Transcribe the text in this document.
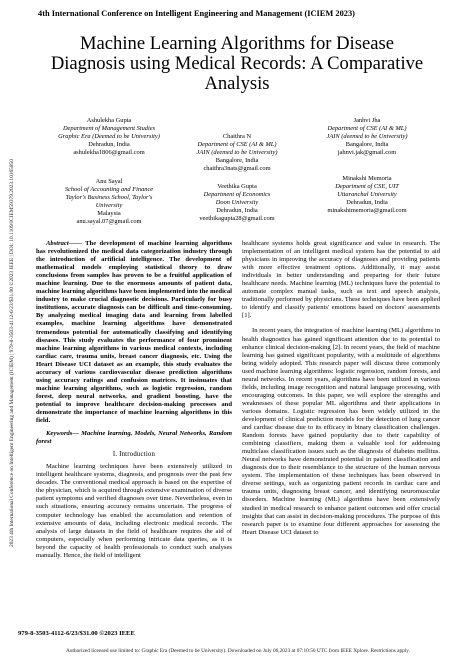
4th International Conference on Intelligent Engineering and Management (ICIEM 2023)
Machine Learning Algorithms for Disease
Diagnosis using Medical Records: A Comparative
Analysis
Ashulekha Gupta
Department of Management Studies
Graphic Era (Deemed to be University)
Dehradun, India
ashulekha1806@gmail.com
Chaithra N
Department of CSE (AI & ML)
JAIN (deemed to be University)
Bangalore, India
chaithra3nats@gmail.com
Janhvi Jha
Department of CSE (AI & ML)
JAIN (deemed to be University)
Bangalore, India
jahnvi.jak@gmail.com
Anu Sayal
School of Accounting and Finance
Taylor's Business School, Taylor's
University
Malaysia
anu.sayal.07@gmail.com
Veethika Gupta
Department of Economics
Doon University
Dehradun, India
veethikagupta28@gmail.com
Minakshi Memoria
Department of CSE, UIT
Uttaranchal University
Dehradun, India
minakshimemoria@gmail.com

Abstract—— The development of machine learning algorithms has revolutionized the medical data categorization industry through the introduction of artificial intelligence. The development of mathematical models employing statistical theory to draw conclusions from samples has proven to be a fruitful application of machine learning. Due to the enormous amounts of patient data, machine learning algorithms have been implemented into the medical industry to make crucial diagnostic decisions. Particularly for busy institutions, accurate diagnosis can be difficult and time-consuming. By analyzing medical imaging data and learning from labelled examples, machine learning algorithms have demonstrated tremendous potential for automatically classifying and identifying diseases. This study evaluates the performance of four prominent machine learning algorithms in various medical contexts, including cardiac care, trauma units, breast cancer diagnosis, etc. Using the Heart Disease UCI dataset as an example, this study evaluates the accuracy of various cardiovascular disease prediction algorithms using accuracy ratings and confusion matrices. It insinuates that machine learning algorithms, such as logistic regression, random forest, deep neural networks, and gradient boosting, have the potential to improve healthcare decision-making processes and demonstrate the importance of machine learning algorithms in this field.

Keywords— Machine learning, Models, Neural Networks, Random forest

I. Introduction

Machine learning techniques have been extensively utilized in intelligent healthcare systems, diagnosis, and prognosis over the past few decades. The conventional medical approach is based on the expertise of the physician, which is acquired through extensive examination of diverse patient symptoms and verified diagnoses over time. Nevertheless, even in such situations, ensuring accuracy remains uncertain. The progress of computer technology has enabled the accumulation and retention of extensive amounts of data, including electronic medical records. The analysis of large datasets in the field of healthcare requires the aid of computers, especially when performing intricate data queries, as it is beyond the capacity of health professionals to conduct such analyses manually. Hence, the field of intelligent

healthcare systems holds great significance and value in research. The implementation of an intelligent medical system has the potential to aid physicians in improving the accuracy of diagnoses and providing patients with more effective treatment options. Additionally, it may assist individuals in better understanding and preparing for their future healthcare needs. Machine learning (ML) techniques have the potential to automate complex manual tasks, such as text and speech analysis, traditionally performed by physicians. These techniques have been applied to identify and classify patients' emotions based on doctors' assessments [1].

In recent years, the integration of machine learning (ML) algorithms in health diagnostics has gained significant attention due to its potential to enhance clinical decision-making [2]. In recent years, the field of machine learning has gained significant popularity, with a multitude of algorithms being widely adopted. This research paper will discuss three commonly used machine learning algorithms: logistic regression, random forests, and neural networks. In recent years, algorithms have been utilized in various fields, including image recognition and natural language processing, with encouraging outcomes. In this paper, we will explore the strengths and weaknesses of these popular ML algorithms and their applications in various domains. Logistic regression has been widely utilized in the development of clinical prediction models for the detection of lung cancer and cardiac disease due to its efficacy in binary classification challenges. Random forests have gained popularity due to their capability of combining classifiers, making them a valuable tool for addressing multiclass classification issues such as the diagnosis of diabetes mellitus. Neural networks have demonstrated potential in patient classification and diagnosis due to their resemblance to the structure of the human nervous system. The implementation of these techniques has been observed in diverse settings, such as organizing patient records in cardiac care and trauma units, diagnosing breast cancer, and identifying neuromuscular disorders. Machine learning (ML) algorithms have been extensively studied in medical research to enhance patient outcomes and offer crucial insights that can assist in decision-making procedures. The purpose of this research paper is to examine four different approaches for assessing the Heart Disease UCI dataset to

2023 4th International Conference on Intelligent Engineering and Management (ICIEM) | 979-8-3503-4112-6/23/$31.00 ©2023 IEEE | DOI: 10.1109/ICIEM59379.2023.10165850
979-8-3503-4112-6/23/$31.00 ©2023 IEEE
Authorized licensed use limited to: Graphic Era (Deemed to be University). Downloaded on July 06,2023 at 07:10:50 UTC from IEEE Xplore. Restrictions apply.
